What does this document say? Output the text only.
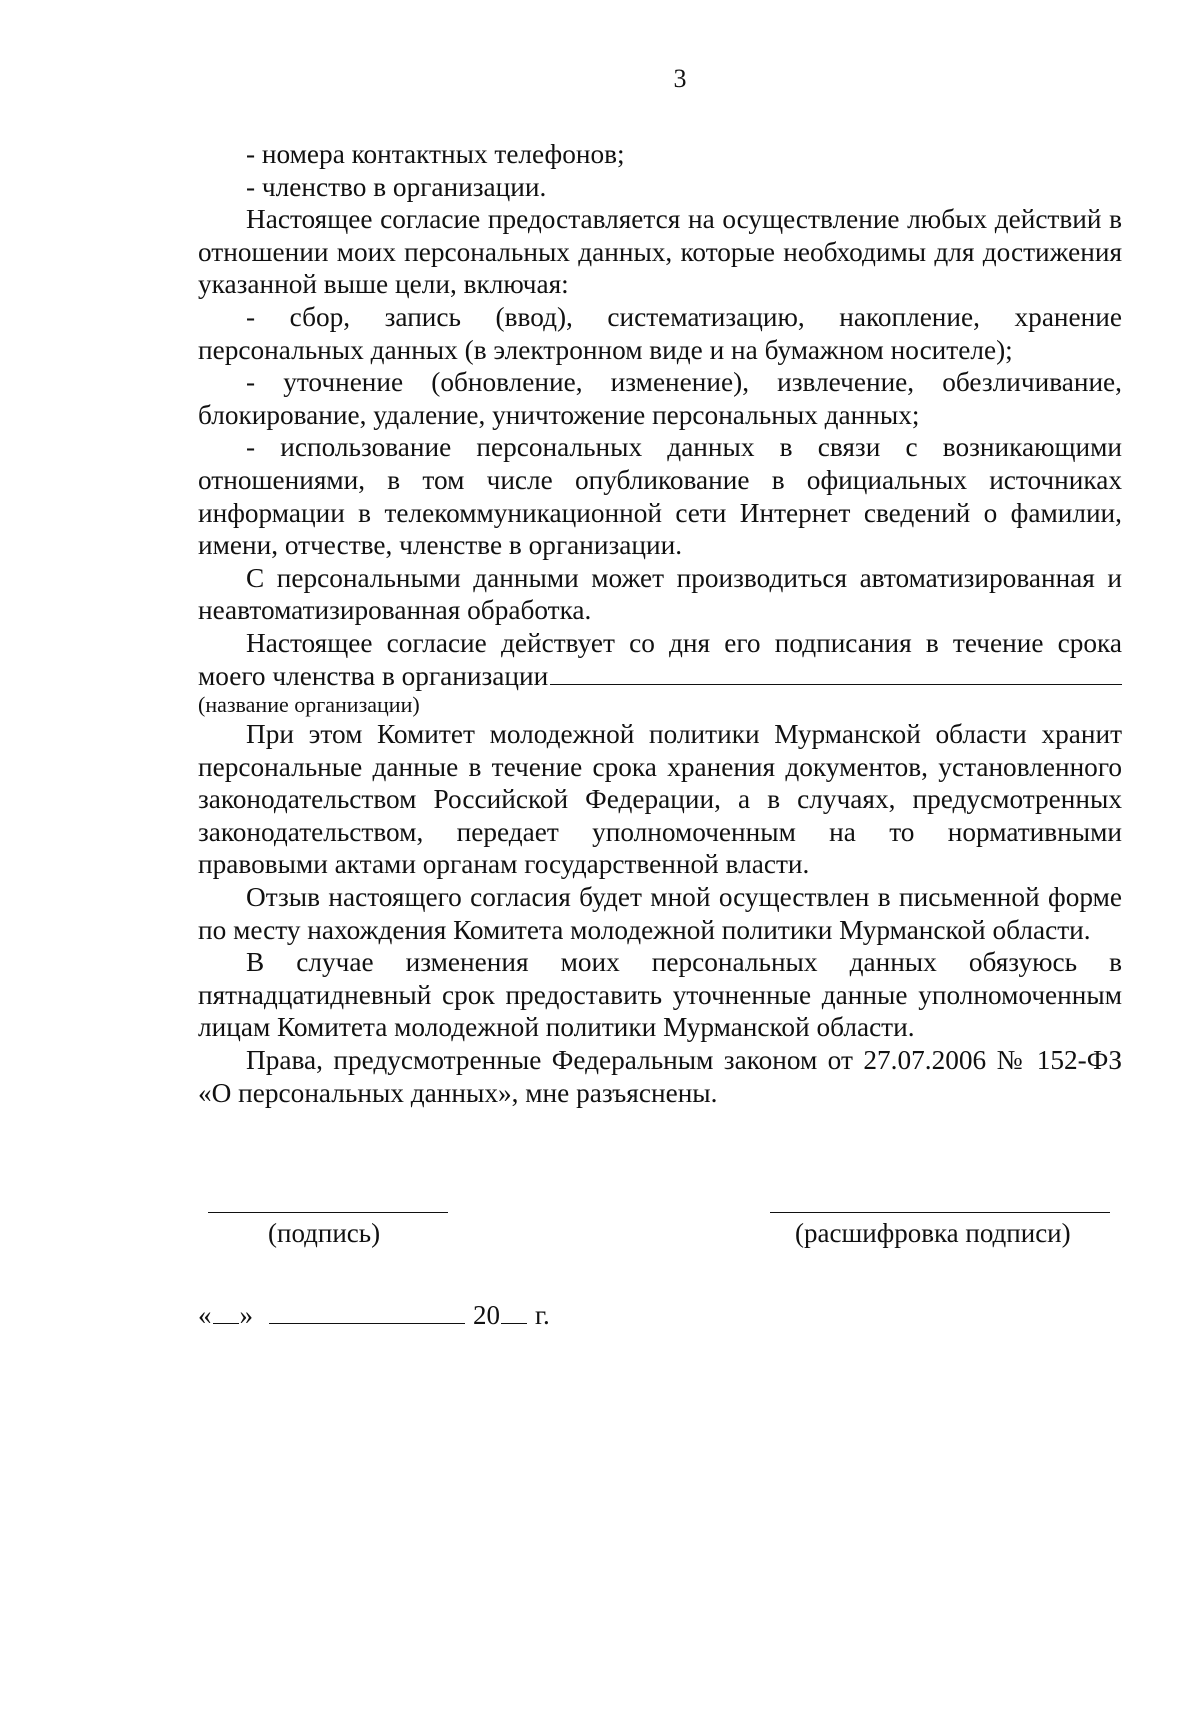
3

- номера контактных телефонов;

- членство в организации.

Настоящее согласие предоставляется на осуществление любых действий в отношении моих персональных данных, которые необходимы для достижения указанной выше цели, включая:

- сбор, запись (ввод), систематизацию, накопление, хранение персональных данных (в электронном виде и на бумажном носителе);

- уточнение (обновление, изменение), извлечение, обезличивание, блокирование, удаление, уничтожение персональных данных;

- использование персональных данных в связи с возникающими отношениями, в том числе опубликование в официальных источниках информации в телекоммуникационной сети Интернет сведений о фамилии, имени, отчестве, членстве в организации.

С персональными данными может производиться автоматизированная и неавтоматизированная обработка.

Настоящее согласие действует со дня его подписания в течение срока

моего членства в организации

(название организации)

При этом Комитет молодежной политики Мурманской области хранит персональные данные в течение срока хранения документов, установленного законодательством Российской Федерации, а в случаях, предусмотренных законодательством, передает уполномоченным на то нормативными правовыми актами органам государственной власти.

Отзыв настоящего согласия будет мной осуществлен в письменной форме по месту нахождения Комитета молодежной политики Мурманской области.

В случае изменения моих персональных данных обязуюсь в пятнадцатидневный срок предоставить уточненные данные уполномоченным лицам Комитета молодежной политики Мурманской области.

Права, предусмотренные Федеральным законом от 27.07.2006 № 152-ФЗ «О персональных данных», мне разъяснены.

(подпись)	(расшифровка подписи)
« »	20 г.
